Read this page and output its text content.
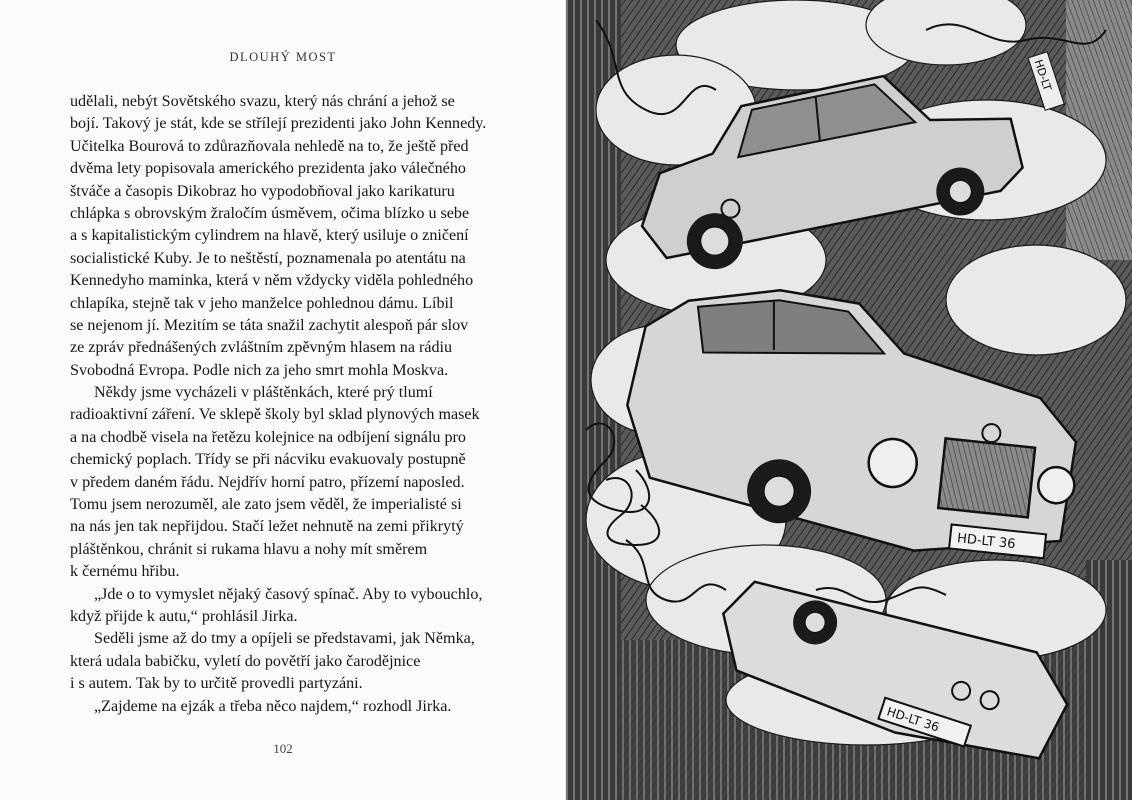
DLOUHÝ MOST
udělali, nebýt Sovětského svazu, který nás chrání a jehož se
bojí. Takový je stát, kde se střílejí prezidenti jako John Kennedy.
Učitelka Bourová to zdůrazňovala nehledě na to, že ještě před
dvěma lety popisovala amerického prezidenta jako válečného
štváče a časopis Dikobraz ho vypodobňoval jako karikaturu
chlápka s obrovským žraločím úsměvem, očima blízko u sebe
a s kapitalistickým cylindrem na hlavě, který usiluje o zničení
socialistické Kuby. Je to neštěstí, poznamenala po atentátu na
Kennedyho maminka, která v něm vždycky viděla pohledného
chlapíka, stejně tak v jeho manželce pohlednou dámu. Líbil
se nejenom jí. Mezitím se táta snažil zachytit alespoň pár slov
ze zpráv přednášených zvláštním zpěvným hlasem na rádiu
Svobodná Evropa. Podle nich za jeho smrt mohla Moskva.
Někdy jsme vycházeli v pláštěnkách, které prý tlumí
radioaktivní záření. Ve sklepě školy byl sklad plynových masek
a na chodbě visela na řetězu kolejnice na odbíjení signálu pro
chemický poplach. Třídy se při nácviku evakuovaly postupně
v předem daném řádu. Nejdřív horní patro, přízemí naposled.
Tomu jsem nerozuměl, ale zato jsem věděl, že imperialisté si
na nás jen tak nepřijdou. Stačí ležet nehnutě na zemi přikrytý
pláštěnkou, chránit si rukama hlavu a nohy mít směrem
k černému hřibu.
„Jde o to vymyslet nějaký časový spínač. Aby to vybouchlo,
když přijde k autu,“ prohlásil Jirka.
Seděli jsme až do tmy a opíjeli se představami, jak Němka,
která udala babičku, vyletí do povětří jako čarodějnice
i s autem. Tak by to určitě provedli partyzáni.
„Zajdeme na ejzák a třeba něco najdem,“ rozhodl Jirka.
102
HD-LT
HD-LT 36
HD-LT 36
